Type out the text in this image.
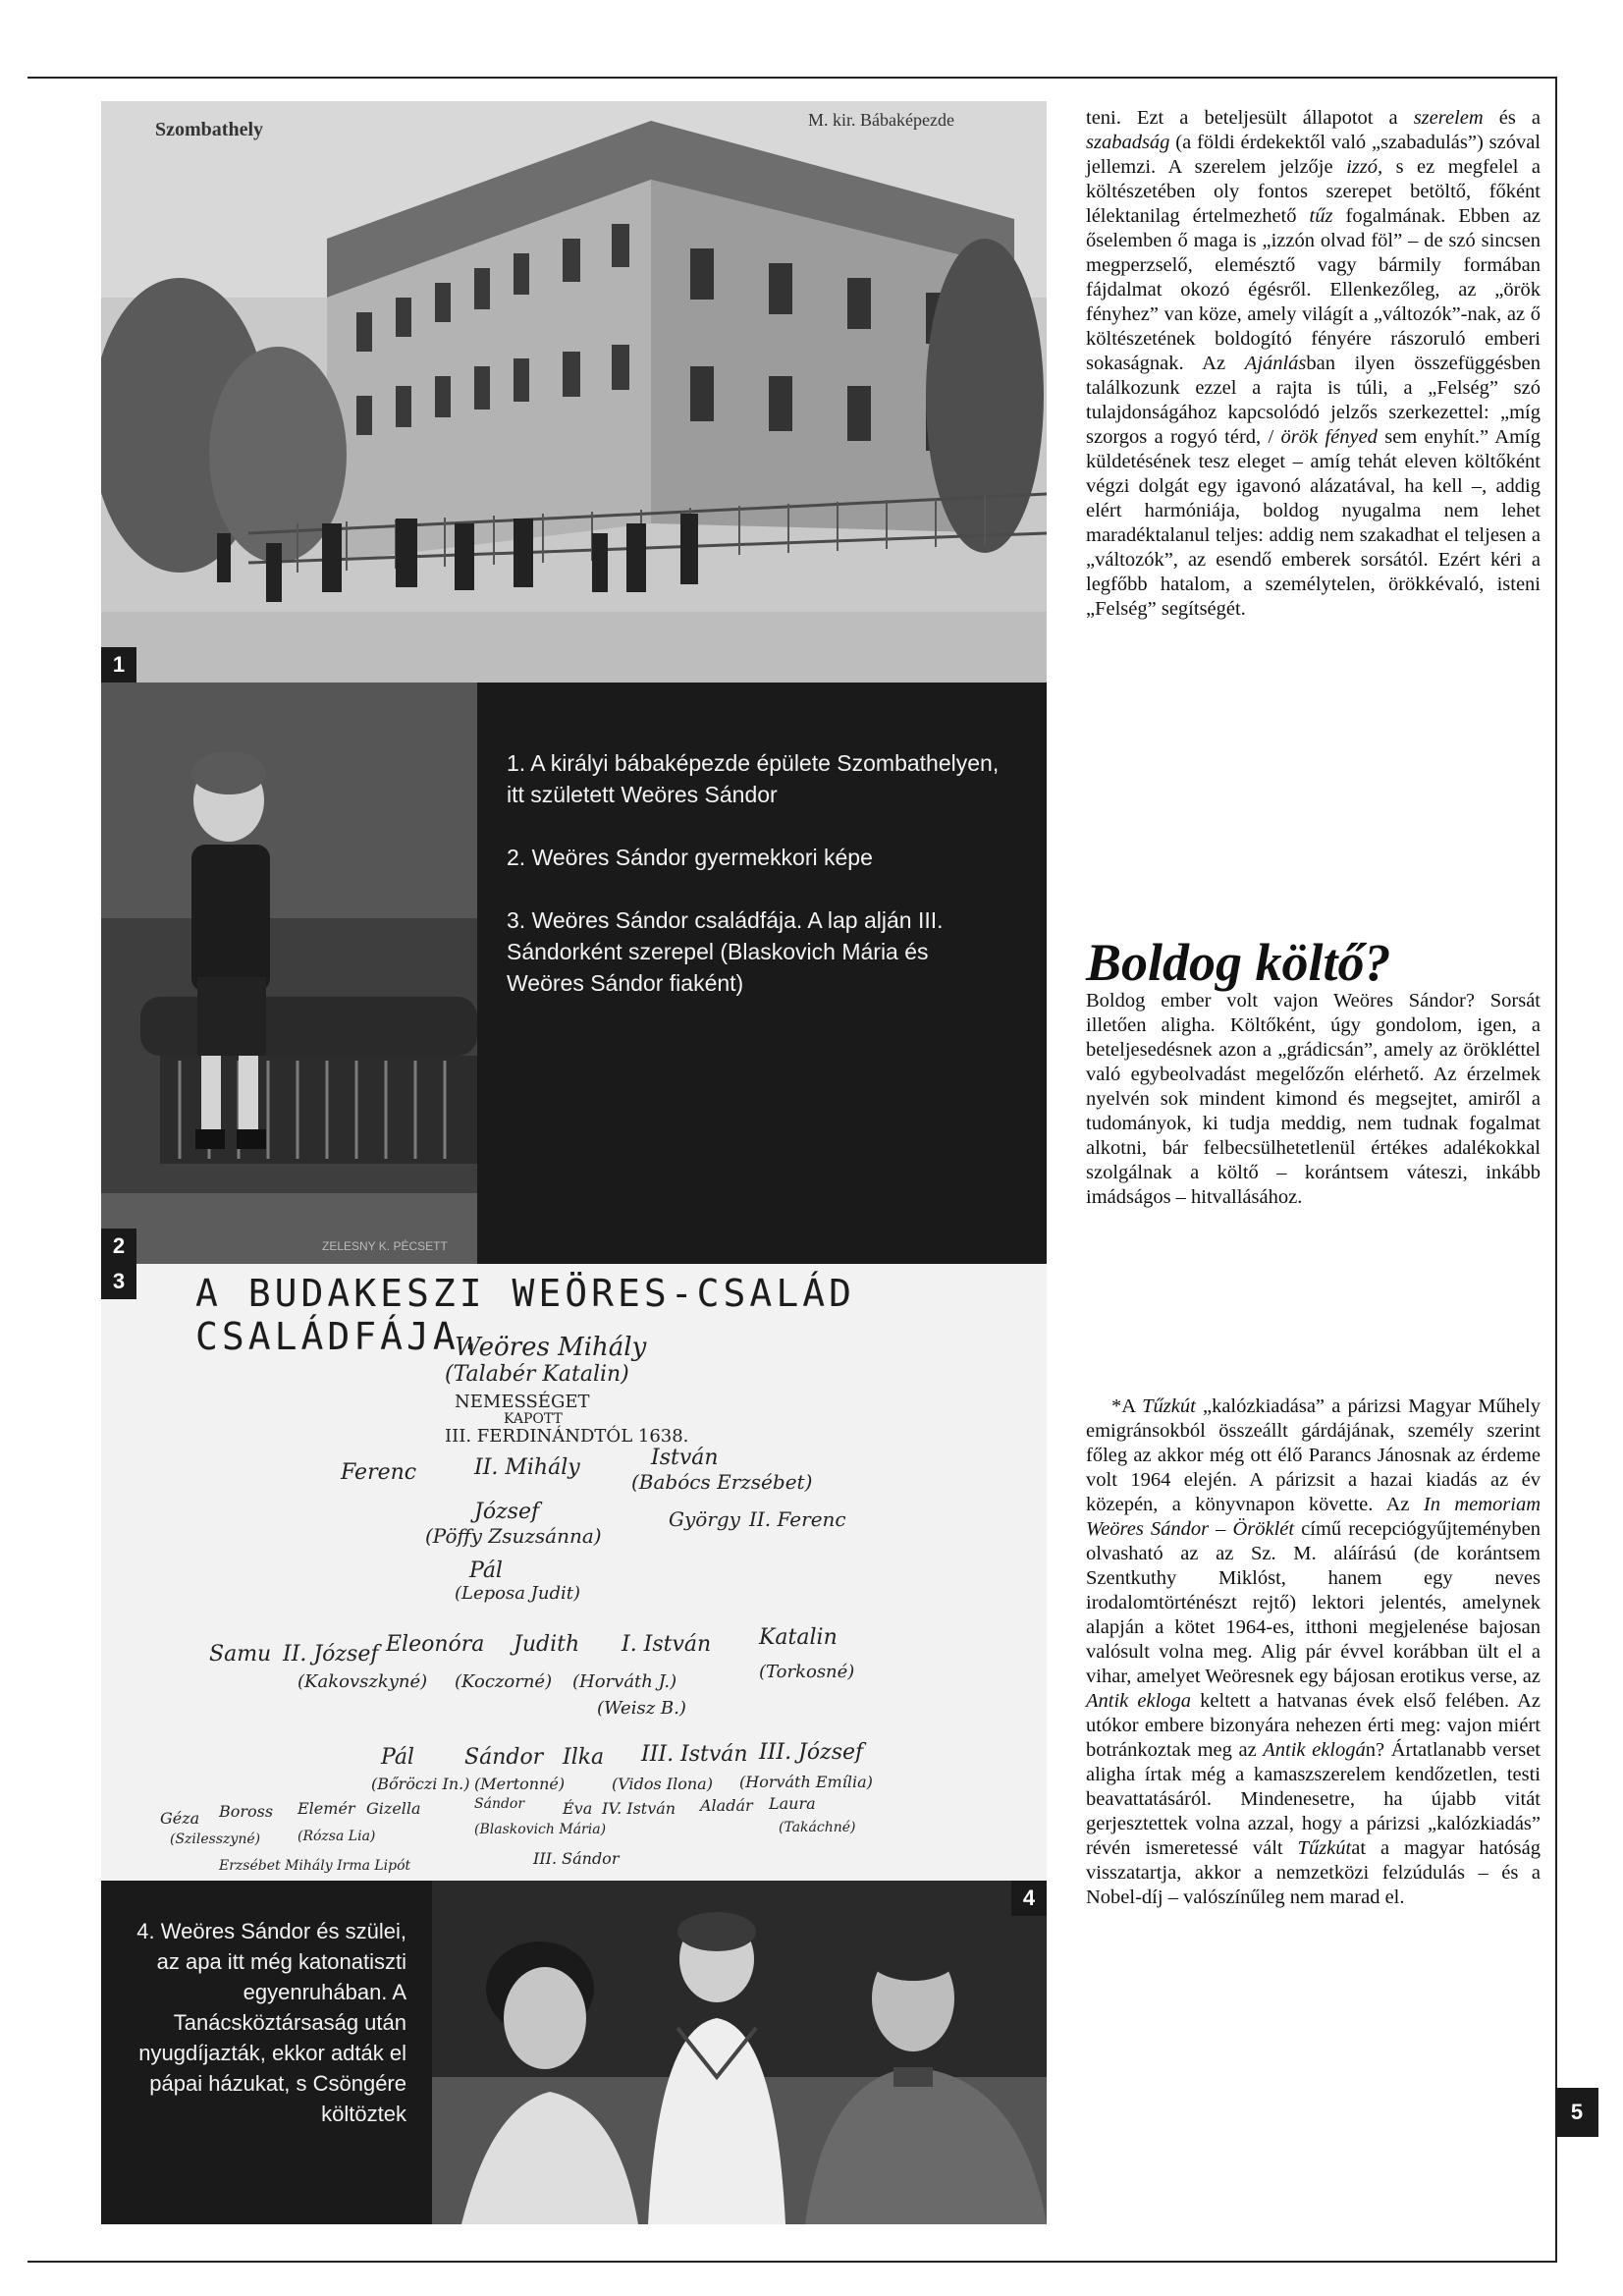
Szombathely	M. kir. Bábaképezde
1
ZELESNY K. PÉCSETT

1. A királyi bábaképezde épülete Szombathelyen, itt született Weöres Sándor

2. Weöres Sándor gyermekkori képe

3. Weöres Sándor családfája. A lap alján III. Sándorként szerepel (Blaskovich Mária és Weöres Sándor fiaként)

2
A BUDAKESZI WEÖRES-CSALÁD CSALÁDFÁJA.
Weöres Mihály
(Talabér Katalin)
NEMESSÉGET
KAPOTT
III. FERDINÁNDTÓL 1638.
Ferenc	II. Mihály	István
(Babócs Erzsébet)
József
(Pöffy Zsuzsánna)
György II. Ferenc
Pál
(Leposa Judit)
Samu II. József Eleonóra Judith I. István Katalin
(Kakovszkyné) (Koczorné) (Horváth J.)	(Torkosné)
(Weisz B.)
Pál Sándor Ilka III. István III. József
(Bőröczi In.) (Mertonné)	(Vidos Ilona) (Horváth Emília)
Géza Boross Elemér Gizella	Sándor Éva IV. István Aladár Laura
(Szilesszyné)	(Rózsa Lia)	(Blaskovich Mária)	(Takáchné)
III. Sándor
Erzsébet Mihály Irma Lipót
3

4. Weöres Sándor és szülei, az apa itt még katonatiszti egyenruhában. A Tanácsköztársaság után nyugdíjazták, ekkor adták el pápai házukat, s Csöngére költöztek

4
teni. Ezt a beteljesült állapotot a szerelem és a szabadság (a földi érdekektől való „szabadulás”) szóval jellemzi. A szerelem jelzője izzó, s ez megfelel a költészetében oly fontos szerepet betöltő, főként lélektanilag értelmezhető tűz fogalmának. Ebben az őselemben ő maga is „izzón olvad föl” – de szó sincsen megperzselő, elemésztő vagy bármily formában fájdalmat okozó égésről. Ellenkezőleg, az „örök fényhez” van köze, amely világít a „változók”-nak, az ő költészetének boldogító fényére rászoruló emberi sokaságnak. Az Ajánlásban ilyen összefüggésben találkozunk ezzel a rajta is túli, a „Felség” szó tulajdonságához kapcsolódó jelzős szerkezettel: „míg szorgos a rogyó térd, / örök fényed sem enyhít.” Amíg küldetésének tesz eleget – amíg tehát eleven költőként végzi dolgát egy igavonó alázatával, ha kell –, addig elért harmóniája, boldog nyugalma nem lehet maradéktalanul teljes: addig nem szakadhat el teljesen a „változók”, az esendő emberek sorsától. Ezért kéri a legfőbb hatalom, a személytelen, örökkévaló, isteni „Felség” segítségét.
Boldog költő?
Boldog ember volt vajon Weöres Sándor? Sorsát illetően aligha. Költőként, úgy gondolom, igen, a beteljesedésnek azon a „grádicsán”, amely az örökléttel való egybeolvadást megelőzőn elérhető. Az érzelmek nyelvén sok mindent kimond és megsejtet, amiről a tudományok, ki tudja meddig, nem tudnak fogalmat alkotni, bár felbecsülhetetlenül értékes adalékokkal szolgálnak a költő – korántsem váteszi, inkább imádságos – hitvallásához.
*A Tűzkút „kalózkiadása” a párizsi Magyar Műhely emigránsokból összeállt gárdájának, személy szerint főleg az akkor még ott élő Parancs Jánosnak az érdeme volt 1964 elején. A párizsit a hazai kiadás az év közepén, a könyvnapon követte. Az In memoriam Weöres Sándor – Öröklét című recepciógyűjteményben olvasható az az Sz. M. aláírású (de korántsem Szentkuthy Miklóst, hanem egy neves irodalomtörténészt rejtő) lektori jelentés, amelynek alapján a kötet 1964-es, itthoni megjelenése bajosan valósult volna meg. Alig pár évvel korábban ült el a vihar, amelyet Weöresnek egy bájosan erotikus verse, az Antik ekloga keltett a hatvanas évek első felében. Az utókor embere bizonyára nehezen érti meg: vajon miért botránkoztak meg az Antik eklogán? Ártatlanabb verset aligha írtak még a kamaszszerelem kendőzetlen, testi beavattatásáról. Mindenesetre, ha újabb vitát gerjesztettek volna azzal, hogy a párizsi „kalózkiadás” révén ismeretessé vált Tűzkútat a magyar hatóság visszatartja, akkor a nemzetközi felzúdulás – és a Nobel-díj – valószínűleg nem marad el.
5
